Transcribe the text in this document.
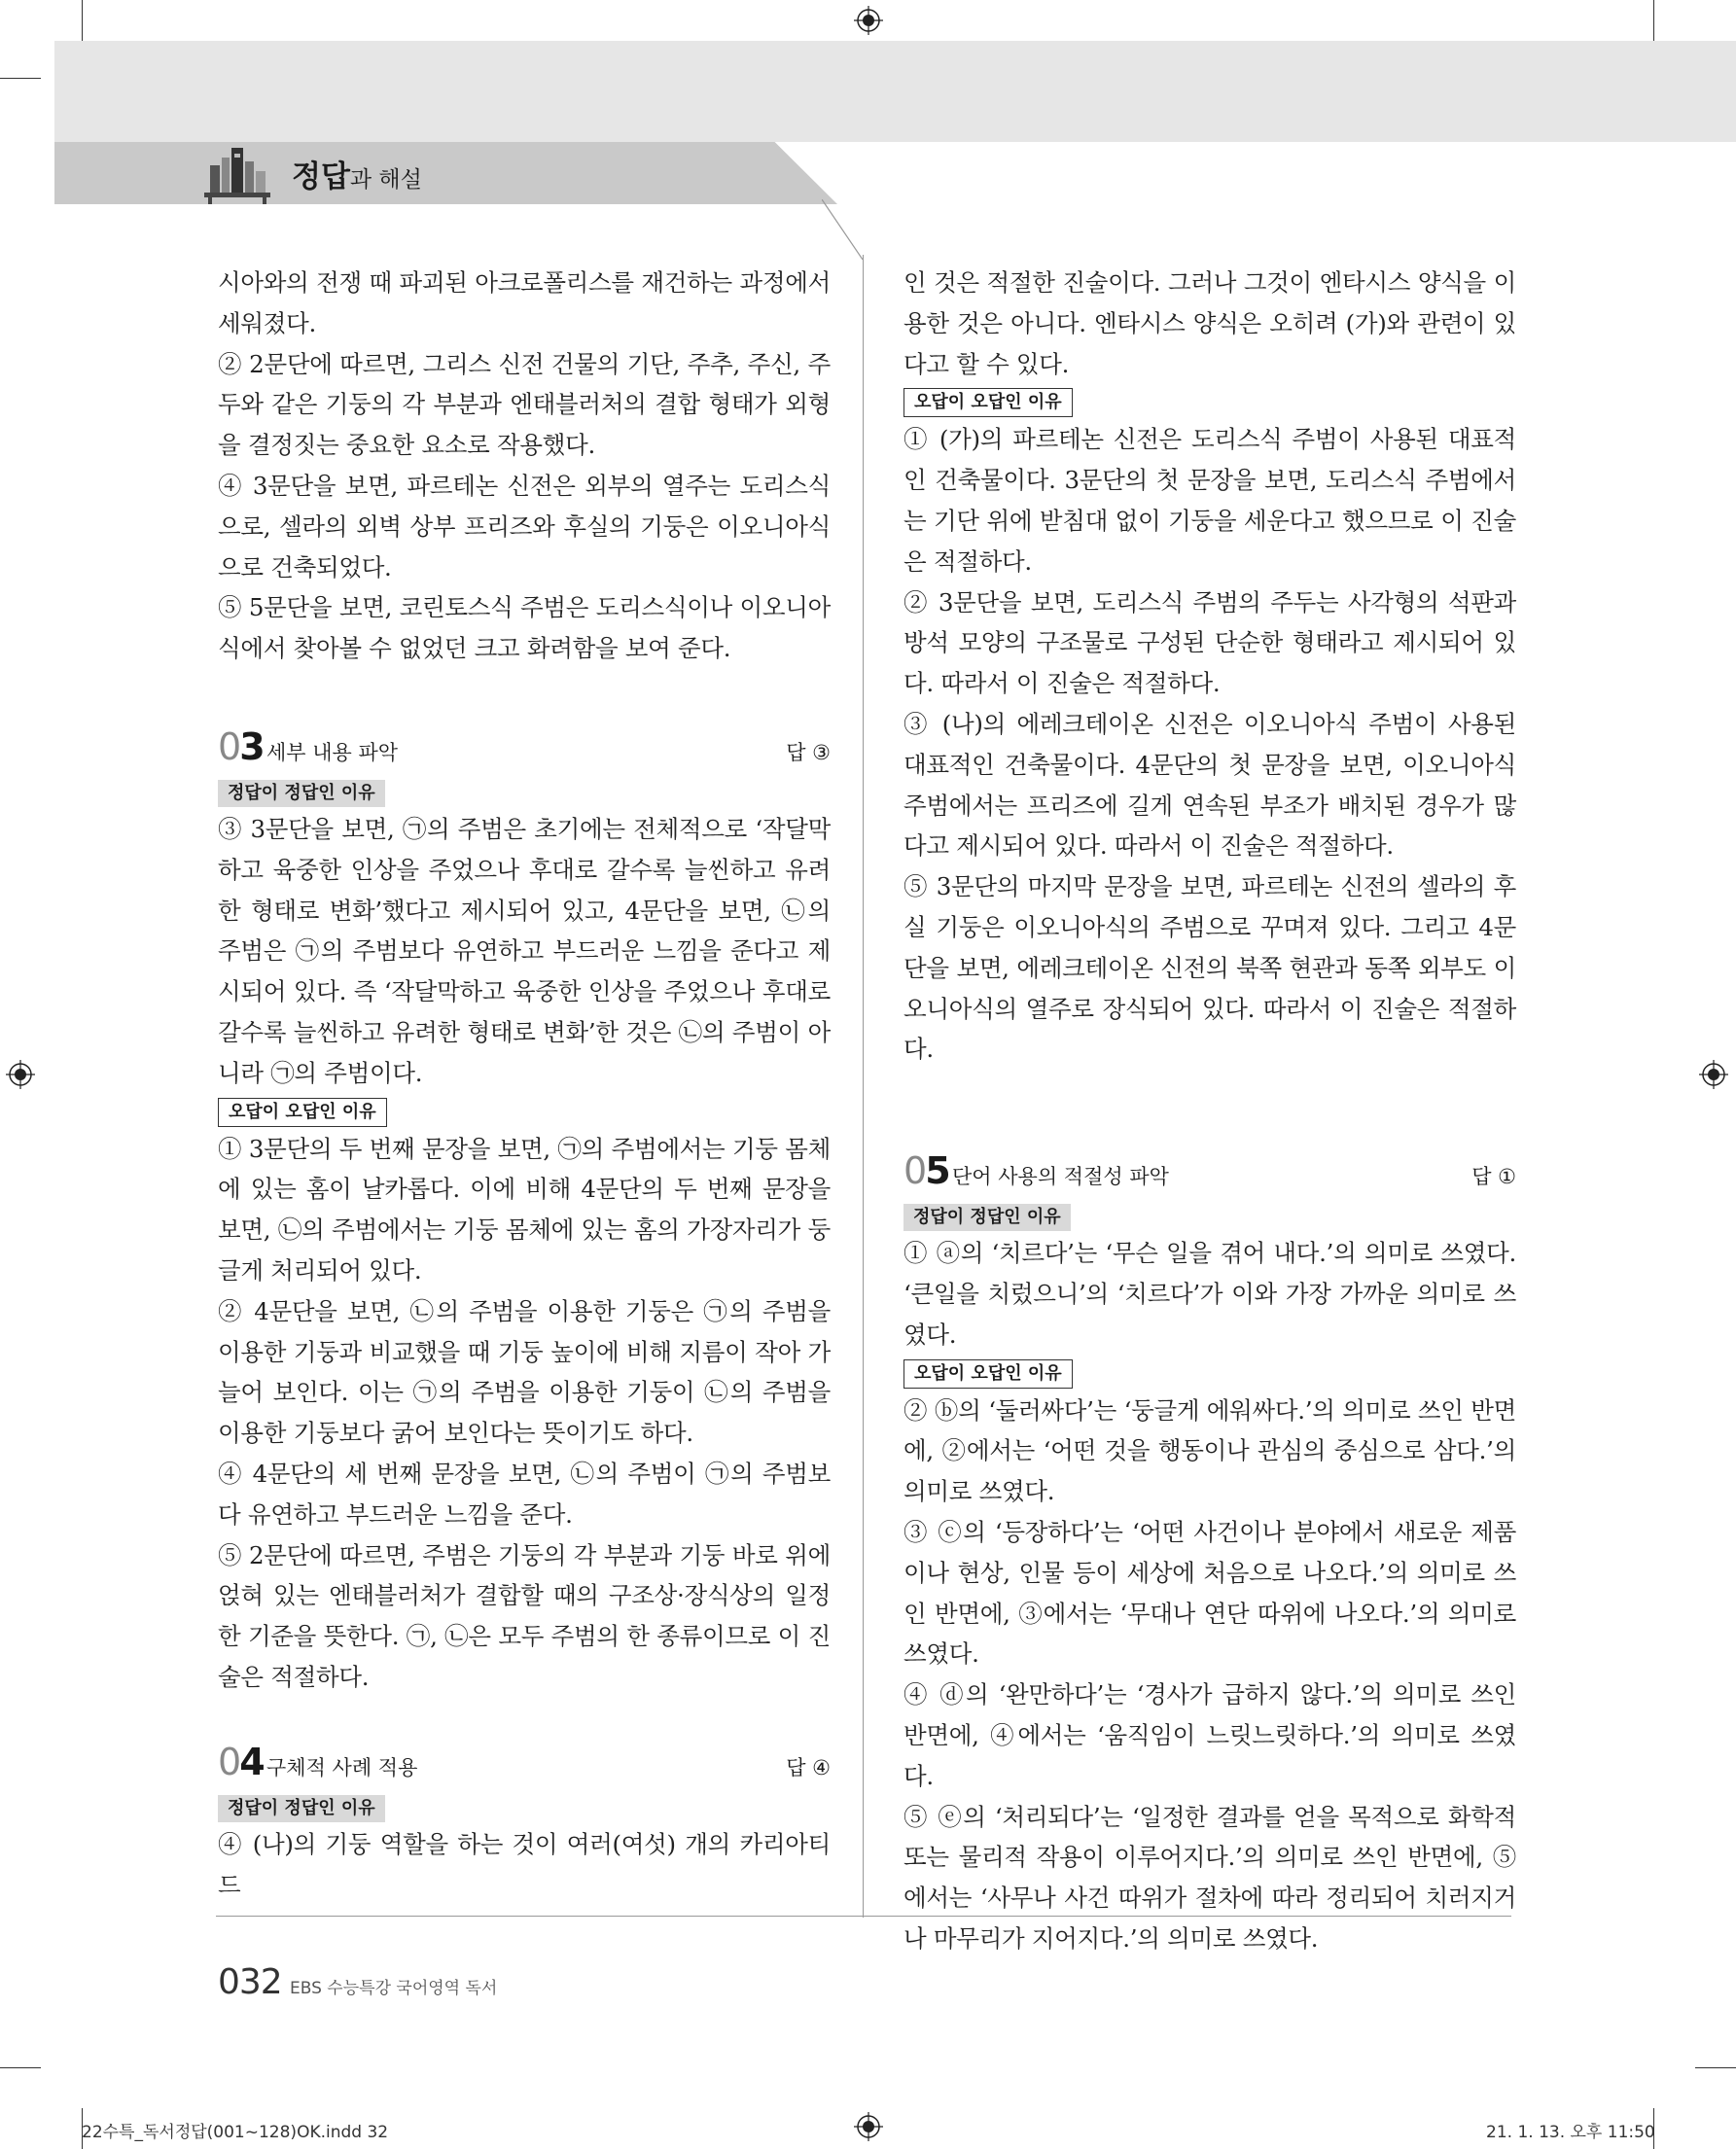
정답과 해설

시아와의 전쟁 때 파괴된 아크로폴리스를 재건하는 과정에서 세워졌다.

② 2문단에 따르면, 그리스 신전 건물의 기단, 주추, 주신, 주두와 같은 기둥의 각 부분과 엔태블러처의 결합 형태가 외형을 결정짓는 중요한 요소로 작용했다.

④ 3문단을 보면, 파르테논 신전은 외부의 열주는 도리스식으로, 셀라의 외벽 상부 프리즈와 후실의 기둥은 이오니아식으로 건축되었다.

⑤ 5문단을 보면, 코린토스식 주범은 도리스식이나 이오니아식에서 찾아볼 수 없었던 크고 화려함을 보여 준다.

03 세부 내용 파악	답 ③
정답이 정답인 이유

③ 3문단을 보면, ㉠의 주범은 초기에는 전체적으로 ‘작달막하고 육중한 인상을 주었으나 후대로 갈수록 늘씬하고 유려한 형태로 변화’했다고 제시되어 있고, 4문단을 보면, ㉡의 주범은 ㉠의 주범보다 유연하고 부드러운 느낌을 준다고 제시되어 있다. 즉 ‘작달막하고 육중한 인상을 주었으나 후대로 갈수록 늘씬하고 유려한 형태로 변화’한 것은 ㉡의 주범이 아니라 ㉠의 주범이다.

오답이 오답인 이유

① 3문단의 두 번째 문장을 보면, ㉠의 주범에서는 기둥 몸체에 있는 홈이 날카롭다. 이에 비해 4문단의 두 번째 문장을 보면, ㉡의 주범에서는 기둥 몸체에 있는 홈의 가장자리가 둥글게 처리되어 있다.

② 4문단을 보면, ㉡의 주범을 이용한 기둥은 ㉠의 주범을 이용한 기둥과 비교했을 때 기둥 높이에 비해 지름이 작아 가늘어 보인다. 이는 ㉠의 주범을 이용한 기둥이 ㉡의 주범을 이용한 기둥보다 굵어 보인다는 뜻이기도 하다.

④ 4문단의 세 번째 문장을 보면, ㉡의 주범이 ㉠의 주범보다 유연하고 부드러운 느낌을 준다.

⑤ 2문단에 따르면, 주범은 기둥의 각 부분과 기둥 바로 위에 얹혀 있는 엔태블러처가 결합할 때의 구조상·장식상의 일정한 기준을 뜻한다. ㉠, ㉡은 모두 주범의 한 종류이므로 이 진술은 적절하다.

04 구체적 사례 적용	답 ④
정답이 정답인 이유

④ (나)의 기둥 역할을 하는 것이 여러(여섯) 개의 카리아티드

인 것은 적절한 진술이다. 그러나 그것이 엔타시스 양식을 이용한 것은 아니다. 엔타시스 양식은 오히려 (가)와 관련이 있다고 할 수 있다.

오답이 오답인 이유

① (가)의 파르테논 신전은 도리스식 주범이 사용된 대표적인 건축물이다. 3문단의 첫 문장을 보면, 도리스식 주범에서는 기단 위에 받침대 없이 기둥을 세운다고 했으므로 이 진술은 적절하다.

② 3문단을 보면, 도리스식 주범의 주두는 사각형의 석판과 방석 모양의 구조물로 구성된 단순한 형태라고 제시되어 있다. 따라서 이 진술은 적절하다.

③ (나)의 에레크테이온 신전은 이오니아식 주범이 사용된 대표적인 건축물이다. 4문단의 첫 문장을 보면, 이오니아식 주범에서는 프리즈에 길게 연속된 부조가 배치된 경우가 많다고 제시되어 있다. 따라서 이 진술은 적절하다.

⑤ 3문단의 마지막 문장을 보면, 파르테논 신전의 셀라의 후실 기둥은 이오니아식의 주범으로 꾸며져 있다. 그리고 4문단을 보면, 에레크테이온 신전의 북쪽 현관과 동쪽 외부도 이오니아식의 열주로 장식되어 있다. 따라서 이 진술은 적절하다.

05 단어 사용의 적절성 파악	답 ①
정답이 정답인 이유

① ⓐ의 ‘치르다’는 ‘무슨 일을 겪어 내다.’의 의미로 쓰였다. ‘큰일을 치렀으니’의 ‘치르다’가 이와 가장 가까운 의미로 쓰였다.

오답이 오답인 이유

② ⓑ의 ‘둘러싸다’는 ‘둥글게 에워싸다.’의 의미로 쓰인 반면에, ②에서는 ‘어떤 것을 행동이나 관심의 중심으로 삼다.’의 의미로 쓰였다.

③ ⓒ의 ‘등장하다’는 ‘어떤 사건이나 분야에서 새로운 제품이나 현상, 인물 등이 세상에 처음으로 나오다.’의 의미로 쓰인 반면에, ③에서는 ‘무대나 연단 따위에 나오다.’의 의미로 쓰였다.

④ ⓓ의 ‘완만하다’는 ‘경사가 급하지 않다.’의 의미로 쓰인 반면에, ④에서는 ‘움직임이 느릿느릿하다.’의 의미로 쓰였다.

⑤ ⓔ의 ‘처리되다’는 ‘일정한 결과를 얻을 목적으로 화학적 또는 물리적 작용이 이루어지다.’의 의미로 쓰인 반면에, ⑤에서는 ‘사무나 사건 따위가 절차에 따라 정리되어 치러지거나 마무리가 지어지다.’의 의미로 쓰였다.

032 EBS 수능특강 국어영역 독서
22수특_독서정답(001~128)OK.indd 32	21. 1. 13. 오후 11:50
